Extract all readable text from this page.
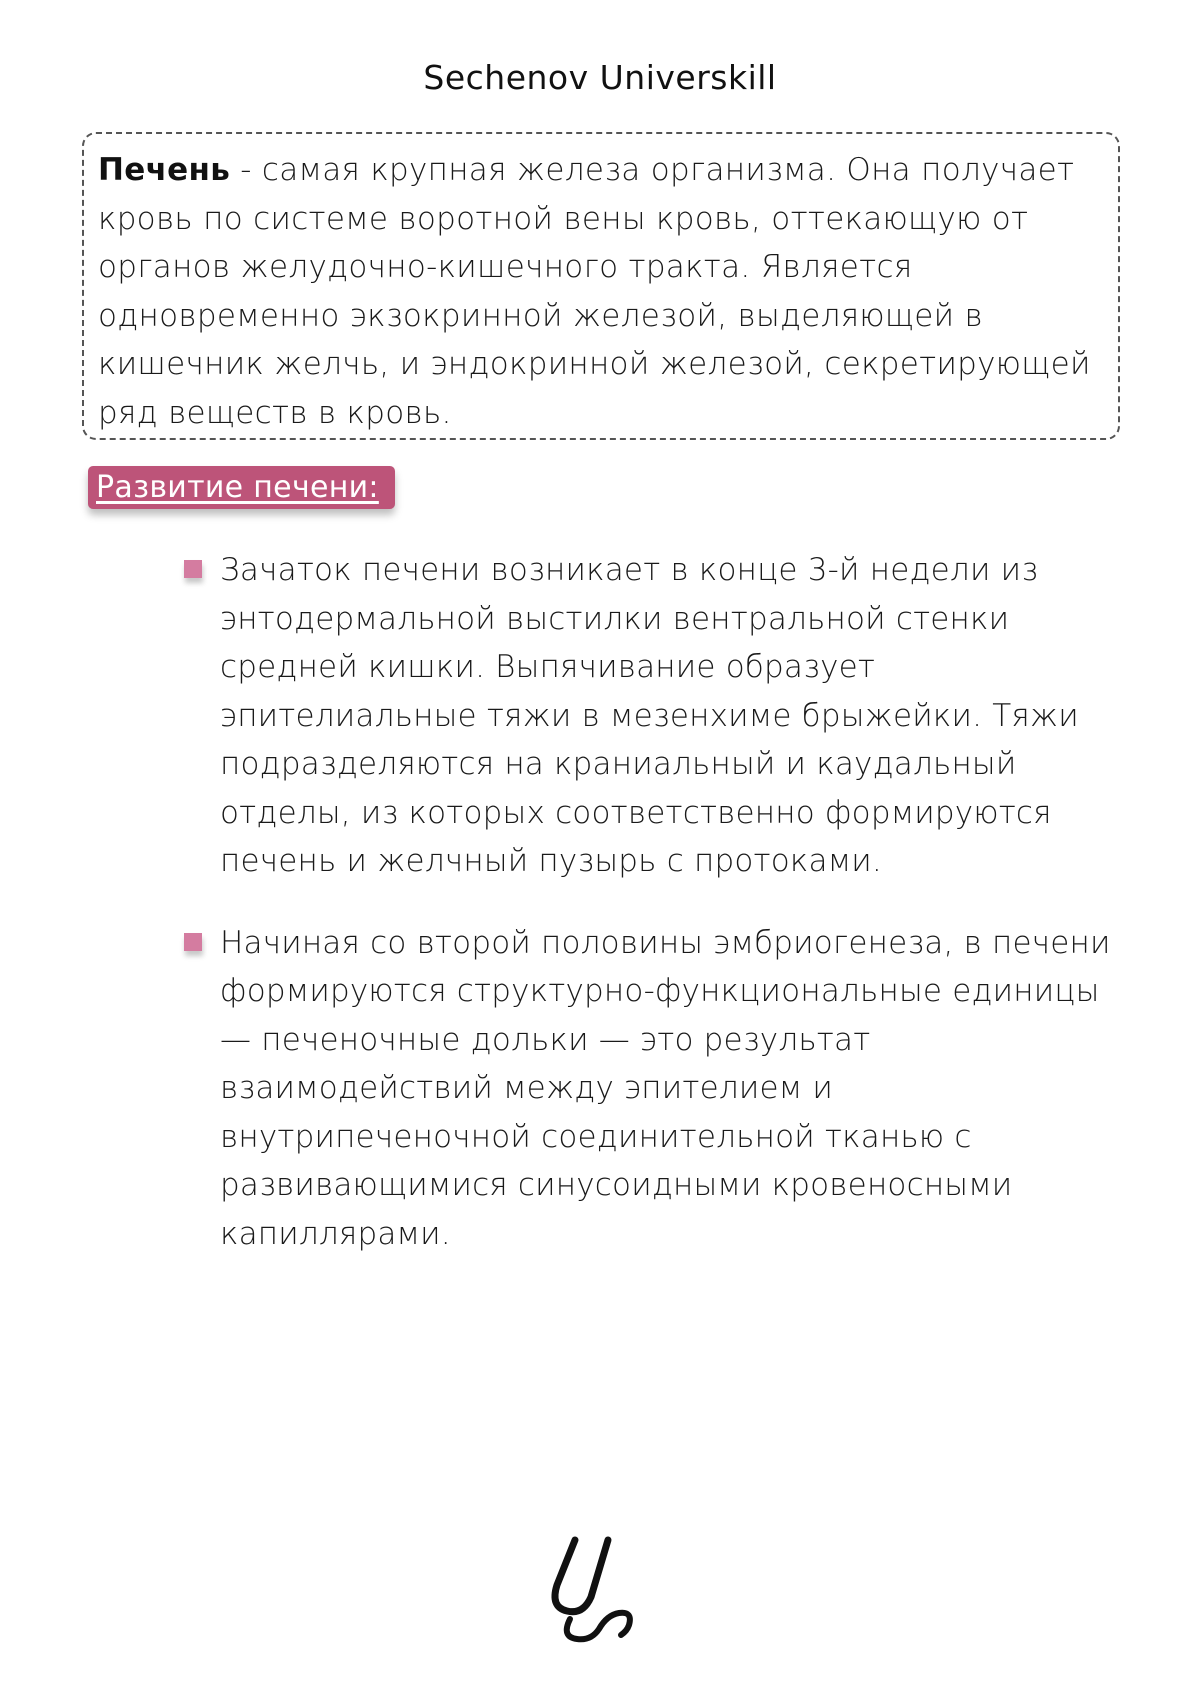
Sechenov Universkill

Печень - самая крупная железа организма. Она получает кровь по системе воротной вены кровь, оттекающую от органов желудочно-кишечного тракта. Является одновременно экзокринной железой, выделяющей в кишечник желчь, и эндокринной железой, секретирующей ряд веществ в кровь.

Развитие печени:
Зачаток печени возникает в конце 3-й недели из энтодермальной выстилки вентральной стенки средней кишки. Выпячивание образует эпителиальные тяжи в мезенхиме брыжейки. Тяжи подразделяются на краниальный и каудальный отделы, из которых соответственно формируются печень и желчный пузырь с протоками.
Начиная со второй половины эмбриогенеза, в печени формируются структурно-функциональные единицы — печеночные дольки — это результат взаимодействий между эпителием и внутрипеченочной соединительной тканью с развивающимися синусоидными кровеносными капиллярами.
